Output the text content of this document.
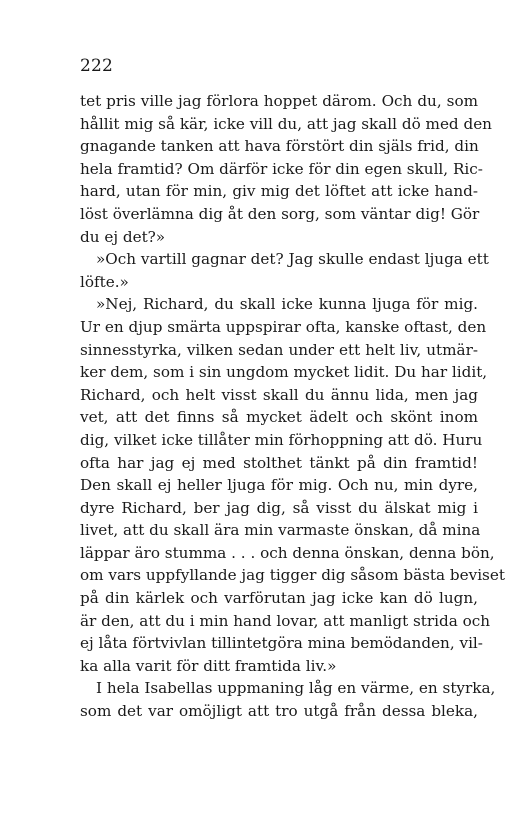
222
tet pris ville jag förlora hoppet därom. Och du, som
hållit mig så kär, icke vill du, att jag skall dö med den
gnagande tanken att hava förstört din själs frid, din
hela framtid? Om därför icke för din egen skull, Ric-
hard, utan för min, giv mig det löftet att icke hand-
löst överlämna dig åt den sorg, som väntar dig! Gör
du ej det?»
»Och vartill gagnar det? Jag skulle endast ljuga ett
löfte.»
»Nej, Richard, du skall icke kunna ljuga för mig.
Ur en djup smärta uppspirar ofta, kanske oftast, den
sinnesstyrka, vilken sedan under ett helt liv, utmär-
ker dem, som i sin ungdom mycket lidit. Du har lidit,
Richard, och helt visst skall du ännu lida, men jag
vet, att det finns så mycket ädelt och skönt inom
dig, vilket icke tillåter min förhoppning att dö. Huru
ofta har jag ej med stolthet tänkt på din framtid!
Den skall ej heller ljuga för mig. Och nu, min dyre,
dyre Richard, ber jag dig, så visst du älskat mig i
livet, att du skall ära min varmaste önskan, då mina
läppar äro stumma . . . och denna önskan, denna bön,
om vars uppfyllande jag tigger dig såsom bästa beviset
på din kärlek och varförutan jag icke kan dö lugn,
är den, att du i min hand lovar, att manligt strida och
ej låta förtvivlan tillintetgöra mina bemödanden, vil-
ka alla varit för ditt framtida liv.»
I hela Isabellas uppmaning låg en värme, en styrka,
som det var omöjligt att tro utgå från dessa bleka,
